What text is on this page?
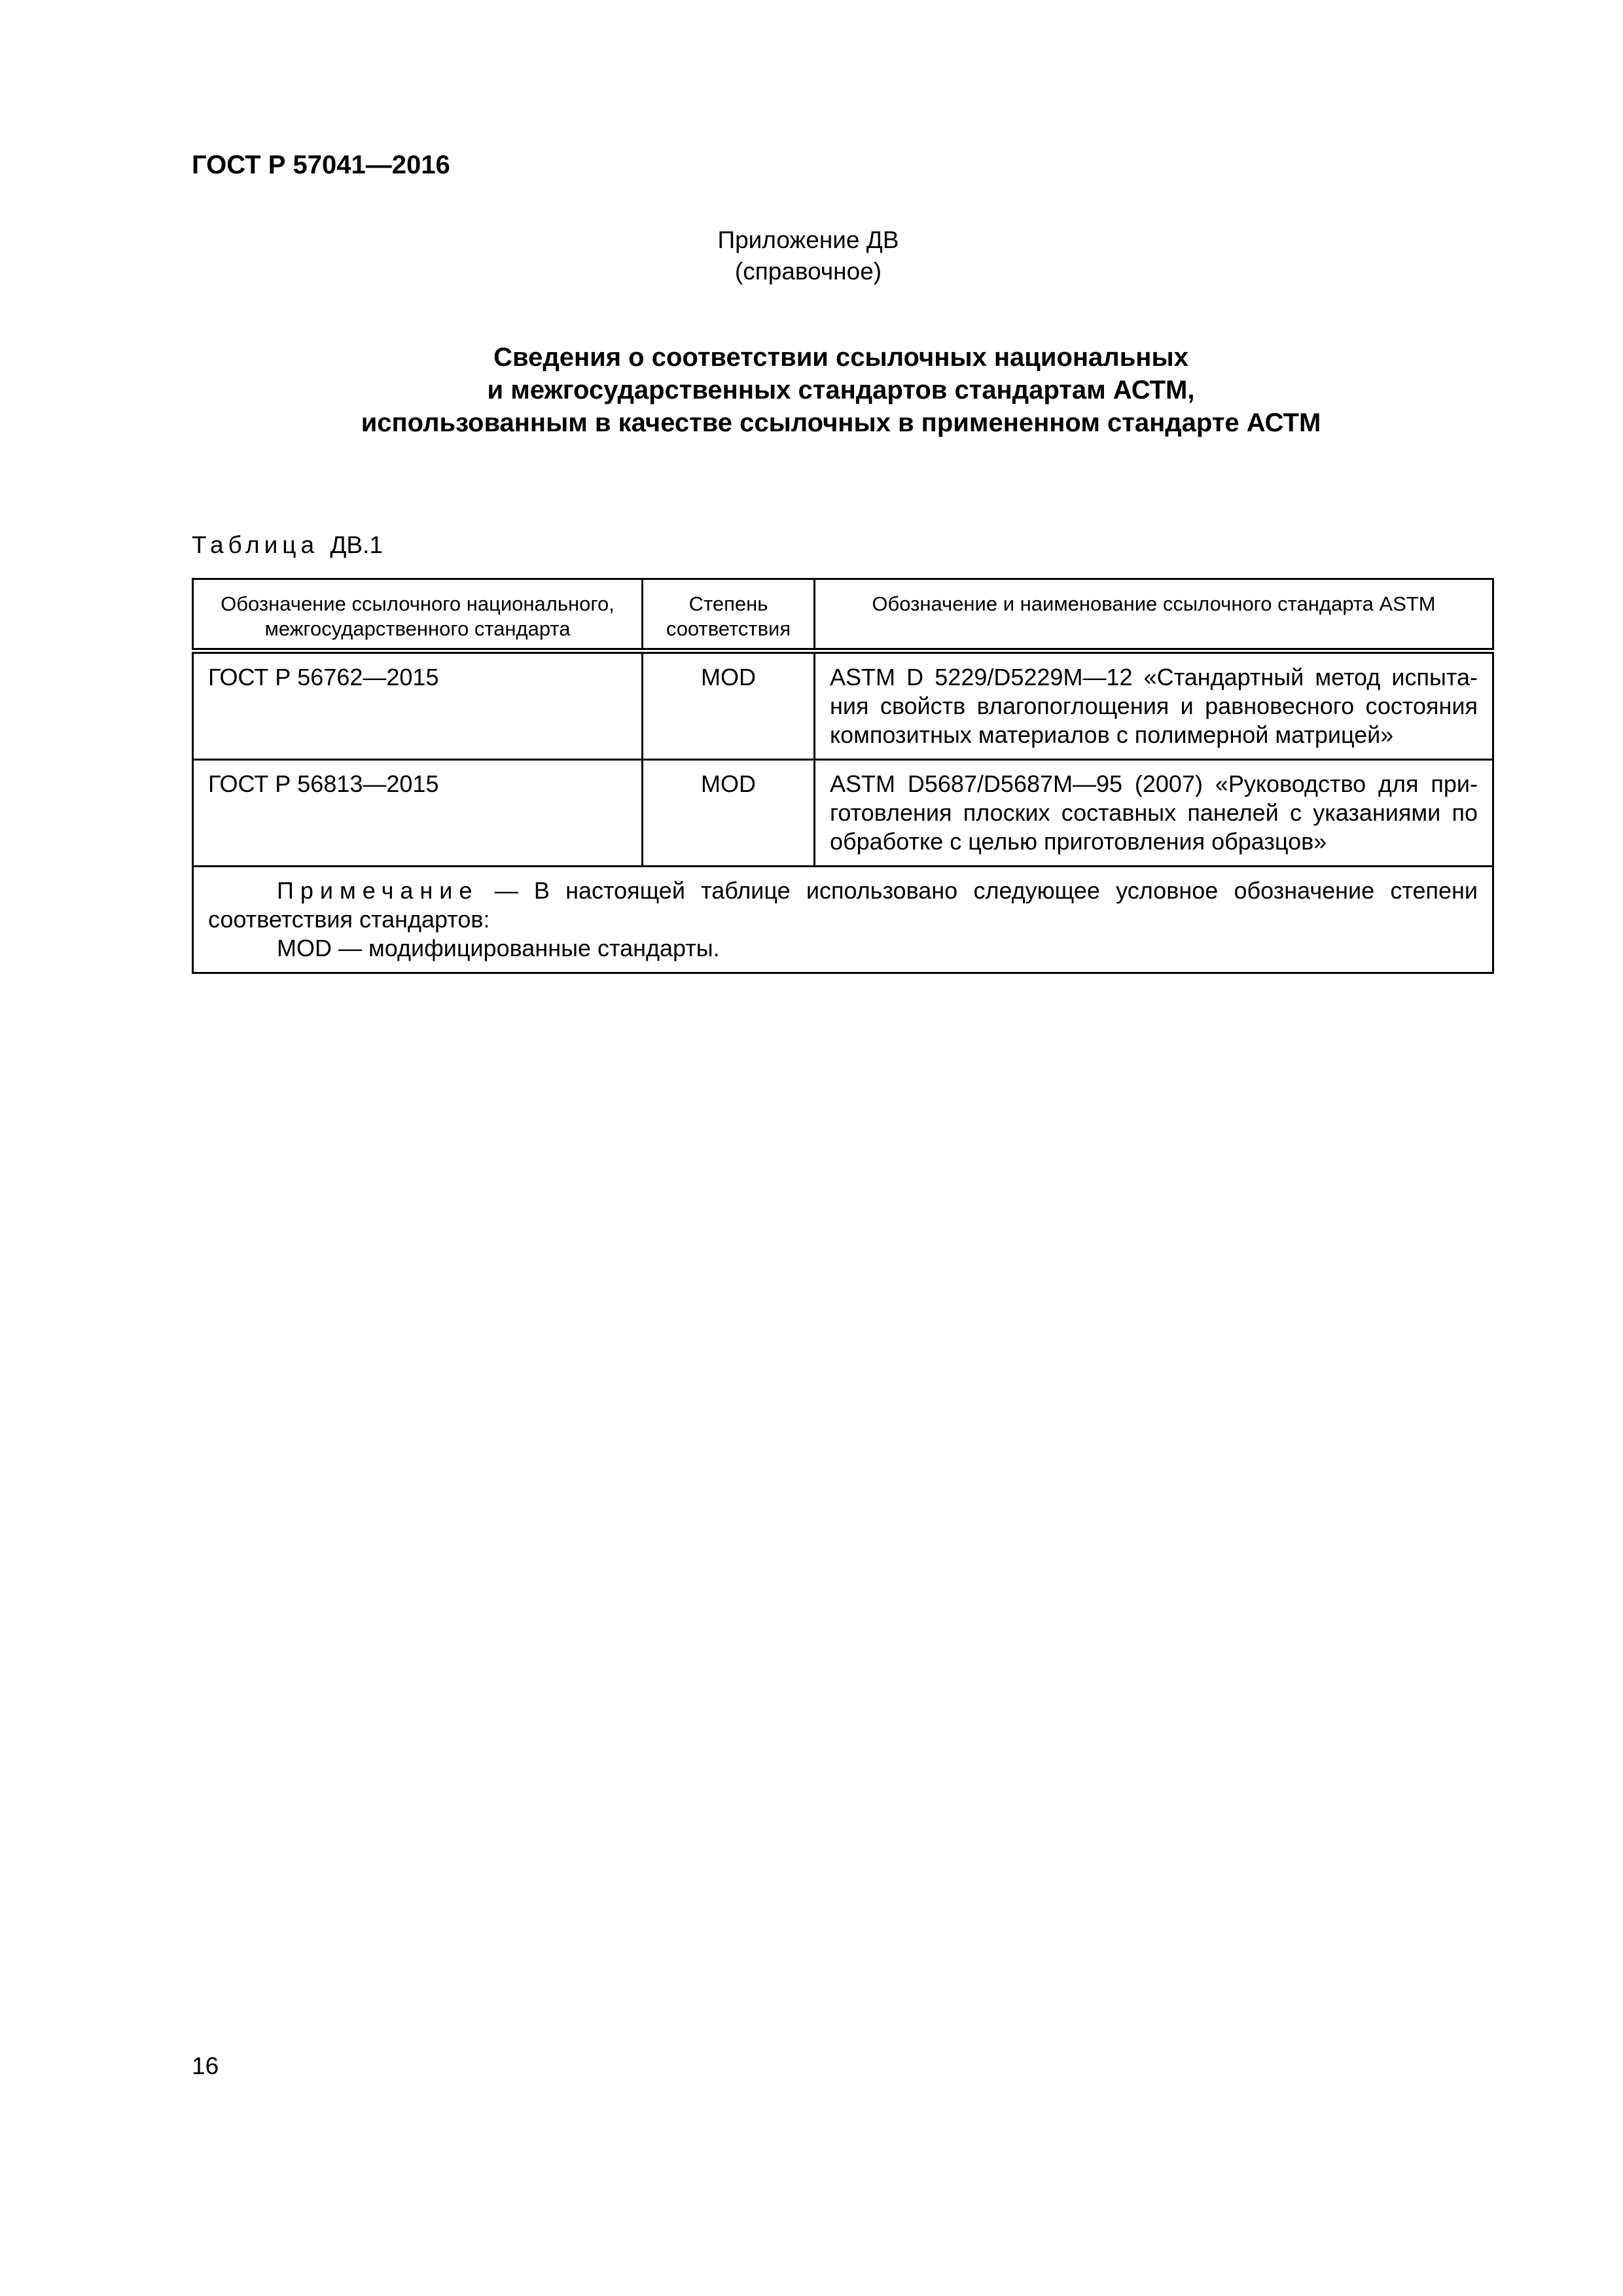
ГОСТ Р 57041—2016
Приложение ДВ
(справочное)
Сведения о соответствии ссылочных национальных
и межгосударственных стандартов стандартам АСТМ,
использованным в качестве ссылочных в примененном стандарте АСТМ
Таблица ДВ.1
Обозначение ссылочного национального, межгосударственного стандарта	Степень соответствия	Обозначение и наименование ссылочного стандарта ASTM
ГОСТ Р 56762—2015	MOD	ASTM D 5229/D5229M—12 «Стандартный метод испыта-ния свойств влагопоглощения и равновесного состояния композитных материалов с полимерной матрицей»
ГОСТ Р 56813—2015	MOD	ASTM D5687/D5687M—95 (2007) «Руководство для при-готовления плоских составных панелей с указаниями по обработке с целью приготовления образцов»

Примечание — В настоящей таблице использовано следующее условное обозначение степени соответствия стандартов:

MOD — модифицированные стандарты.		

16
